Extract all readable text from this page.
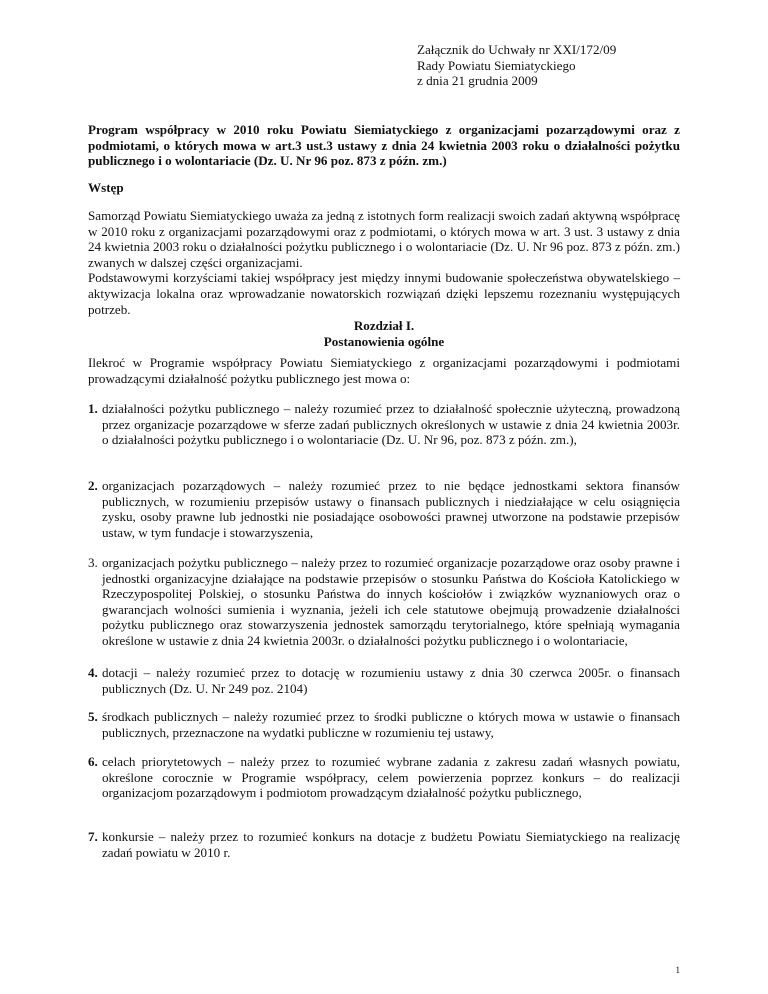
Załącznik do Uchwały nr XXI/172/09
Rady Powiatu Siemiatyckiego
z dnia 21 grudnia 2009
Program współpracy w 2010 roku Powiatu Siemiatyckiego z organizacjami pozarządowymi oraz z podmiotami, o których mowa w art.3 ust.3 ustawy z dnia 24 kwietnia 2003 roku o działalności pożytku publicznego i o wolontariacie (Dz. U. Nr 96 poz. 873 z późn. zm.)
Wstęp

Samorząd Powiatu Siemiatyckiego uważa za jedną z istotnych form realizacji swoich zadań aktywną współpracę w 2010 roku z organizacjami pozarządowymi oraz z podmiotami, o których mowa w art. 3 ust. 3 ustawy z dnia 24 kwietnia 2003 roku o działalności pożytku publicznego i o wolontariacie (Dz. U. Nr 96 poz. 873 z późn. zm.) zwanych w dalszej części organizacjami.

Podstawowymi korzyściami takiej współpracy jest między innymi budowanie społeczeństwa obywatelskiego – aktywizacja lokalna oraz wprowadzanie nowatorskich rozwiązań dzięki lepszemu rozeznaniu występujących potrzeb.

Rozdział I.
Postanowienia ogólne
Ilekroć w Programie współpracy Powiatu Siemiatyckiego z organizacjami pozarządowymi i podmiotami prowadzącymi działalność pożytku publicznego jest mowa o:
1. działalności pożytku publicznego – należy rozumieć przez to działalność społecznie użyteczną, prowadzoną przez organizacje pozarządowe w sferze zadań publicznych określonych w ustawie z dnia 24 kwietnia 2003r. o działalności pożytku publicznego i o wolontariacie (Dz. U. Nr 96, poz. 873 z późn. zm.),
2. organizacjach pozarządowych – należy rozumieć przez to nie będące jednostkami sektora finansów publicznych, w rozumieniu przepisów ustawy o finansach publicznych i niedziałające w celu osiągnięcia zysku, osoby prawne lub jednostki nie posiadające osobowości prawnej utworzone na podstawie przepisów ustaw, w tym fundacje i stowarzyszenia,
3. organizacjach pożytku publicznego – należy przez to rozumieć organizacje pozarządowe oraz osoby prawne i jednostki organizacyjne działające na podstawie przepisów o stosunku Państwa do Kościoła Katolickiego w Rzeczypospolitej Polskiej, o stosunku Państwa do innych kościołów i związków wyznaniowych oraz o gwarancjach wolności sumienia i wyznania, jeżeli ich cele statutowe obejmują prowadzenie działalności pożytku publicznego oraz stowarzyszenia jednostek samorządu terytorialnego, które spełniają wymagania określone w ustawie z dnia 24 kwietnia 2003r. o działalności pożytku publicznego i o wolontariacie,
4. dotacji – należy rozumieć przez to dotację w rozumieniu ustawy z dnia 30 czerwca 2005r. o finansach publicznych (Dz. U. Nr 249 poz. 2104)
5. środkach publicznych – należy rozumieć przez to środki publiczne o których mowa w ustawie o finansach publicznych, przeznaczone na wydatki publiczne w rozumieniu tej ustawy,
6. celach priorytetowych – należy przez to rozumieć wybrane zadania z zakresu zadań własnych powiatu, określone corocznie w Programie współpracy, celem powierzenia poprzez konkurs – do realizacji organizacjom pozarządowym i podmiotom prowadzącym działalność pożytku publicznego,
7. konkursie – należy przez to rozumieć konkurs na dotacje z budżetu Powiatu Siemiatyckiego na realizację zadań powiatu w 2010 r.
1
